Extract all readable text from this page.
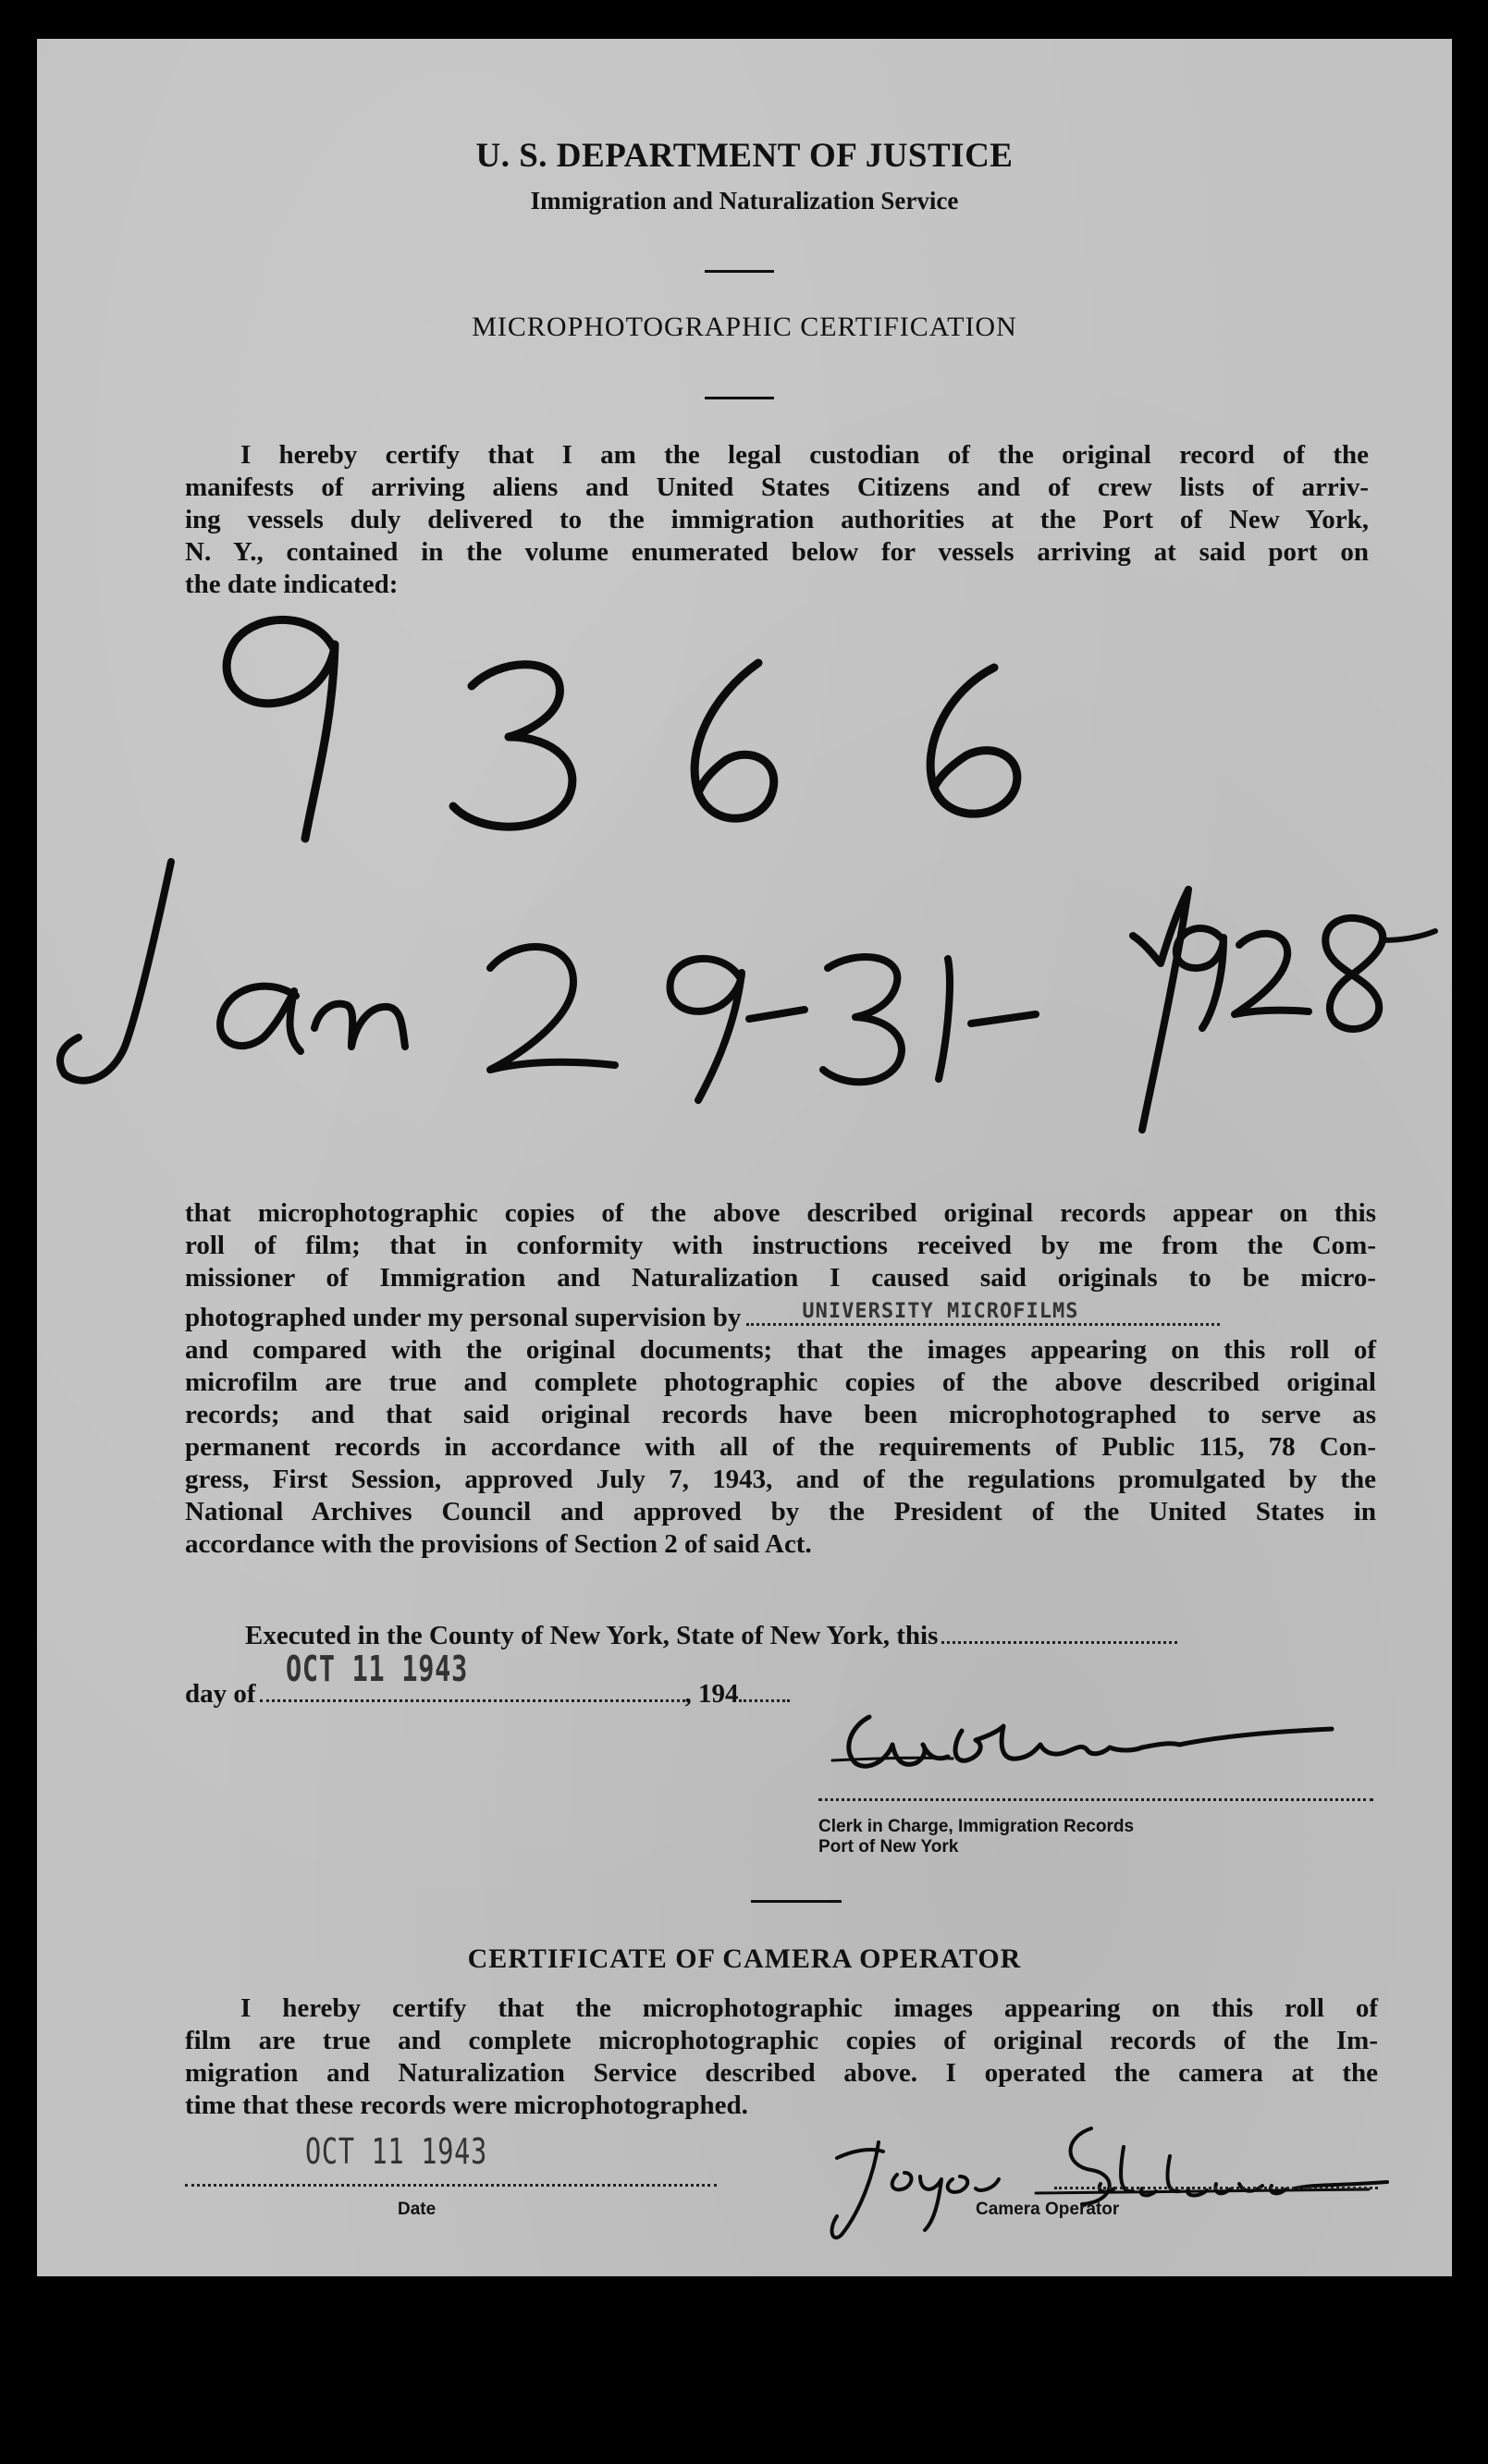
U. S. DEPARTMENT OF JUSTICE
Immigration and Naturalization Service
MICROPHOTOGRAPHIC CERTIFICATION
I hereby certify that I am the legal custodian of the original record of the
manifests of arriving aliens and United States Citizens and of crew lists of arriv-
ing vessels duly delivered to the immigration authorities at the Port of New York,
N. Y., contained in the volume enumerated below for vessels arriving at said port on
the date indicated:
that microphotographic copies of the above described original records appear on this
roll of film; that in conformity with instructions received by me from the Com-
missioner of Immigration and Naturalization I caused said originals to be micro-
photographed under my personal supervision by	UNIVERSITY MICROFILMS
and compared with the original documents; that the images appearing on this roll of
microfilm are true and complete photographic copies of the above described original
records; and that said original records have been microphotographed to serve as
permanent records in accordance with all of the requirements of Public 115, 78 Con-
gress, First Session, approved July 7, 1943, and of the regulations promulgated by the
National Archives Council and approved by the President of the United States in
accordance with the provisions of Section 2 of said Act.
Executed in the County of New York, State of New York, this
day of
OCT 11 1943
, 194
Clerk in Charge, Immigration Records
Port of New York
CERTIFICATE OF CAMERA OPERATOR
I hereby certify that the microphotographic images appearing on this roll of
film are true and complete microphotographic copies of original records of the Im-
migration and Naturalization Service described above. I operated the camera at the
time that these records were microphotographed.
OCT 11 1943
Date	Camera Operator
